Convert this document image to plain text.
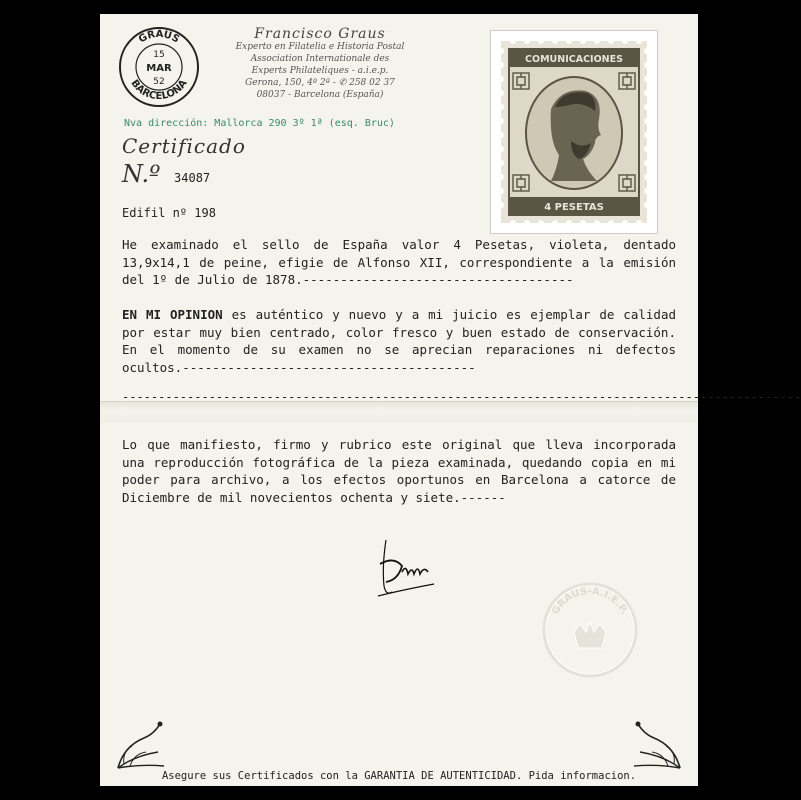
GRAUS
BARCELONA
15
MAR
52
Francisco Graus
Experto en Filatelia e Historia Postal
Association Internationale des
Experts Philateliques - a.i.e.p.
Gerona, 150, 4º 2ª - ✆ 258 02 37
08037 - Barcelona (España)
Nva dirección: Mallorca 290 3º 1ª (esq. Bruc)
Certificado
N.º 34087
COMUNICACIONES
4 PESETAS
Edifil nº 198
He examinado el sello de España valor 4 Pesetas, violeta, dentado 13,9x14,1 de peine, efigie de Alfonso XII, correspondiente a la emisión del 1º de Julio de 1878.------------------------------------
EN MI OPINION es auténtico y nuevo y a mi juicio es ejemplar de calidad por estar muy bien centrado, color fresco y buen estado de conservación. En el momento de su examen no se aprecian reparaciones ni defectos ocultos.---------------------------------------
----------------------------------------------------------------------------------------------
Lo que manifiesto, firmo y rubrico este original que lleva incorporada una reproducción fotográfica de la pieza examinada, quedando copia en mi poder para archivo, a los efectos oportunos en Barcelona a catorce de Diciembre de mil novecientos ochenta y siete.------
GRAUS-A.I.E.P.
Asegure sus Certificados con la GARANTIA DE AUTENTICIDAD. Pida informacion.
